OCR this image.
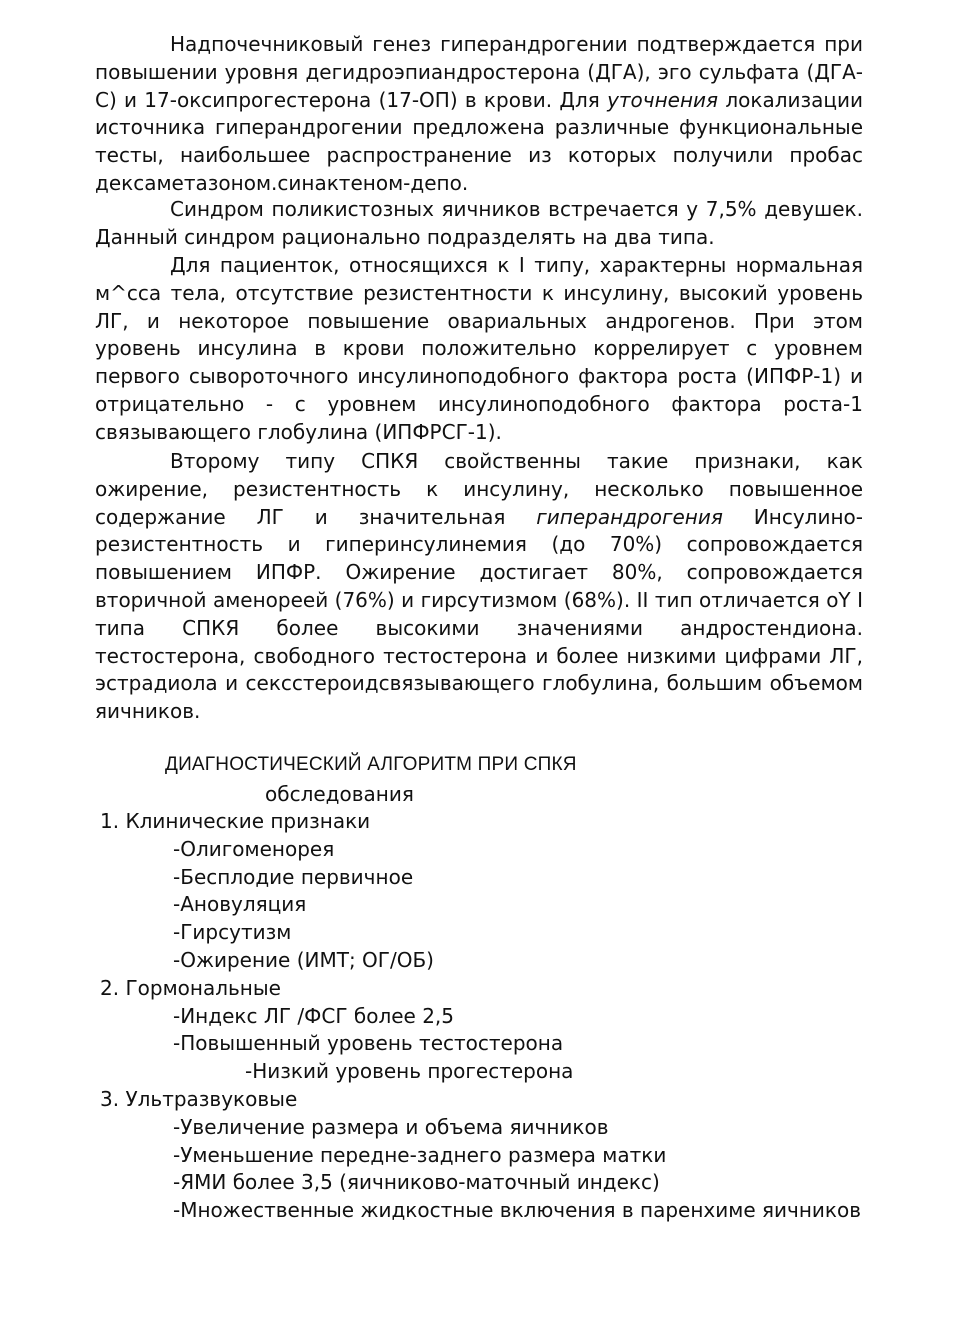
Надпочечниковый генез гиперандрогении подтверждается при повышении уровня дегидроэпиандростерона (ДГА), эго сульфата (ДГА-С) и 17-оксипрогестерона (17-ОП) в крови. Для уточнения локализации источника гиперандрогении предложена различные функциональные тесты, наибольшее распространение из которых получили пробас дексаметазоном.синактеном-депо.

Синдром поликистозных яичников встречается у 7,5% девушек. Данный синдром рационально подразделять на два типа.

Для пациенток, относящихся к I типу, характерны нормальная м^сса тела, отсутствие резистентности к инсулину, высокий уровень ЛГ, и некоторое повышение овариальных андрогенов. При этом уровень инсулина в крови положительно коррелирует с уровнем первого сывороточного инсулиноподобного фактора роста (ИПФР-1) и отрицательно - с уровнем инсулиноподобного фактора роста-1 связывающего глобулина (ИПФРСГ-1).

Второму типу СПКЯ свойственны такие признаки, как ожирение, резистентность к инсулину, несколько повышенное содержание ЛГ и значительная гиперандрогения Инсулино-резистентность и гиперинсулинемия (до 70%) сопровождается повышением ИПФР. Ожирение достигает 80%, сопровождается вторичной аменореей (76%) и гирсутизмом (68%). II тип отличается оY I типа СПКЯ более высокими значениями андростендиона. тестостерона, свободного тестостерона и более низкими цифрами ЛГ, эстрадиола и сексстероидсвязывающего глобулина, большим объемом яичников.

ДИАГНОСТИЧЕСКИЙ АЛГОРИТМ ПРИ СПКЯ

обследования

1. Клинические признаки

-Олигоменорея

-Бесплодие первичное

-Ановуляция

-Гирсутизм

-Ожирение (ИМТ; ОГ/ОБ)

2. Гормональные

-Индекс ЛГ /ФСГ более 2,5

-Повышенный уровень тестостерона

-Низкий уровень прогестерона

3. Ультразвуковые

-Увеличение размера и объема яичников

-Уменьшение передне-заднего размера матки

-ЯМИ более 3,5 (яичниково-маточный индекс)

-Множественные жидкостные включения в паренхиме яичников
